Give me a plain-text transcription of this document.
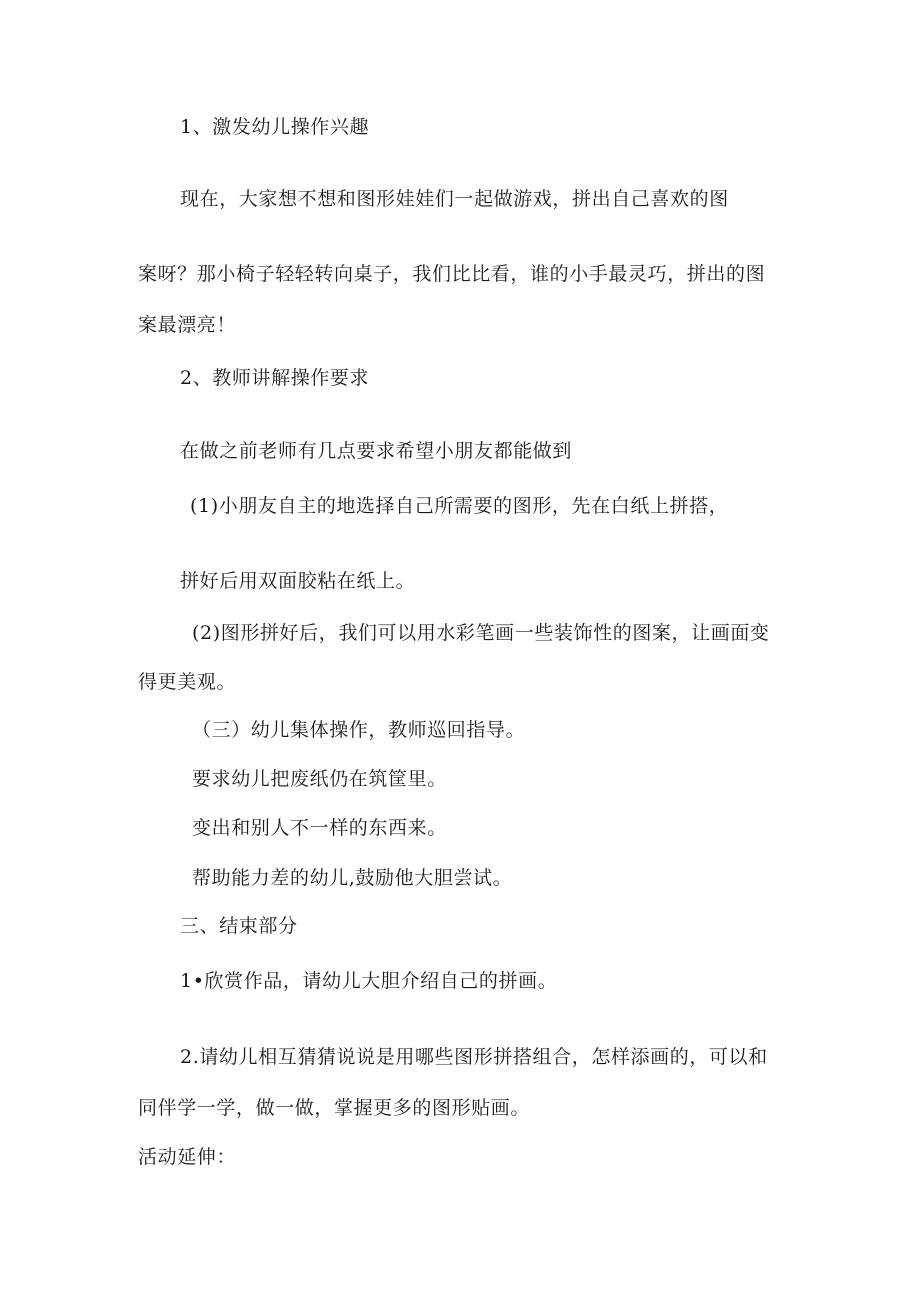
1、激发幼儿操作兴趣
现在，大家想不想和图形娃娃们一起做游戏，拼出自己喜欢的图
案呀？那小椅子轻轻转向桌子，我们比比看，谁的小手最灵巧，拼出的图
案最漂亮！
2、教师讲解操作要求
在做之前老师有几点要求希望小朋友都能做到
(1)小朋友自主的地选择自己所需要的图形，先在白纸上拼搭，
拼好后用双面胶粘在纸上。
(2)图形拼好后，我们可以用水彩笔画一些装饰性的图案，让画面变
得更美观。
（三）幼儿集体操作，教师巡回指导。
要求幼儿把废纸仍在筑筐里。
变出和别人不一样的东西来。
帮助能力差的幼儿,鼓励他大胆尝试。
三、结束部分
1•欣赏作品，请幼儿大胆介绍自己的拼画。
2.请幼儿相互猜猜说说是用哪些图形拼搭组合，怎样添画的，可以和
同伴学一学，做一做，掌握更多的图形贴画。
活动延伸：
